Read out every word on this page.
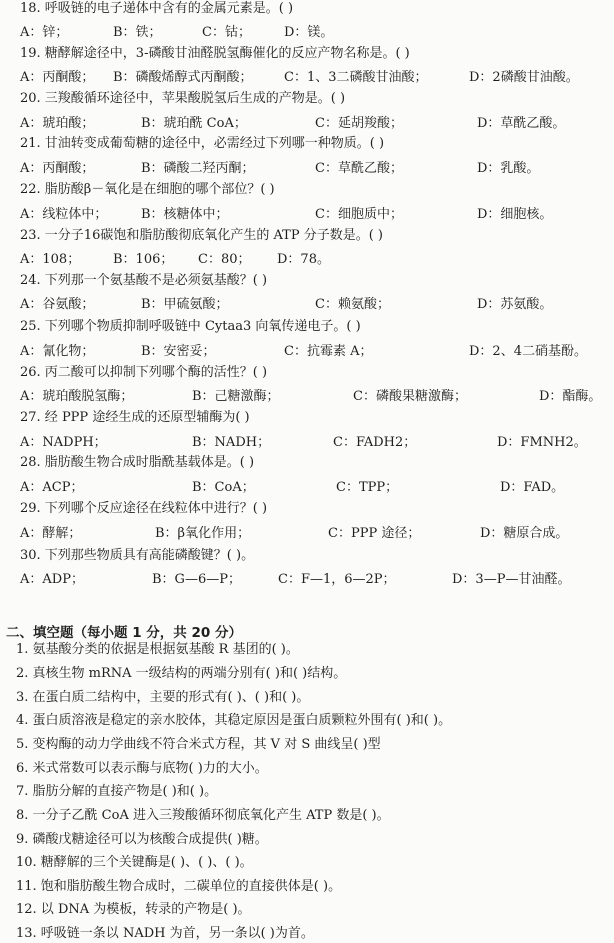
18. 呼吸链的电子递体中含有的金属元素是。( )
A：锌；	B：铁；	C：钴；	D：镁。
19. 糖酵解途径中，3-磷酸甘油醛脱氢酶催化的反应产物名称是。( )
A：丙酮酸； B：磷酸烯醇式丙酮酸； C：1、3二磷酸甘油酸；	D：2磷酸甘油酸。
20. 三羧酸循环途径中，苹果酸脱氢后生成的产物是。( )
A：琥珀酸；	B：琥珀酰 CoA；	C：延胡羧酸；	D：草酰乙酸。
21. 甘油转变成葡萄糖的途径中，必需经过下列哪一种物质。( )
A：丙酮酸；	B：磷酸二羟丙酮；	C：草酰乙酸；	D：乳酸。
22. 脂肪酸β－氧化是在细胞的哪个部位？( )
A：线粒体中；	B：核糖体中；	C：细胞质中；	D：细胞核。
23. 一分子16碳饱和脂肪酸彻底氧化产生的 ATP 分子数是。( )
A：108；	B：106； C：80； D：78。
24. 下列那一个氨基酸不是必须氨基酸？( )
A：谷氨酸；	B：甲硫氨酸；	C：赖氨酸；	D：苏氨酸。
25. 下列哪个物质抑制呼吸链中 Cytaa3 向氧传递电子。( )
A：氰化物；	B：安密妥；	C：抗霉素 A；	D：2、4二硝基酚。
26. 丙二酸可以抑制下列哪个酶的活性？( )
A：琥珀酸脱氢酶；	B：己糖激酶；	C：磷酸果糖激酶；	D：酯酶。
27. 经 PPP 途经生成的还原型辅酶为( )
A：NADPH；	B：NADH；	C：FADH2；	D：FMNH2。
28. 脂肪酸生物合成时脂酰基载体是。( )
A：ACP；	B：CoA；	C：TPP；	D：FAD。
29. 下列哪个反应途径在线粒体中进行？( )
A：酵解；	B：β氧化作用；	C：PPP 途径；	D：糖原合成。
30. 下列那些物质具有高能磷酸键？( )。
A：ADP；	B：G—6—P；	C：F—1，6—2P；	D：3—P—甘油醛。
二、填空题（每小题 1 分，共 20 分）
1. 氨基酸分类的依据是根据氨基酸 R 基团的( )。
2. 真核生物 mRNA 一级结构的两端分别有( )和( )结构。
3. 在蛋白质二结构中，主要的形式有( )、( )和( )。
4. 蛋白质溶液是稳定的亲水胶体，其稳定原因是蛋白质颗粒外围有( )和( )。
5. 变构酶的动力学曲线不符合米式方程，其 V 对 S 曲线呈( )型
6. 米式常数可以表示酶与底物( )力的大小。
7. 脂肪分解的直接产物是( )和( )。
8. 一分子乙酰 CoA 进入三羧酸循环彻底氧化产生 ATP 数是( )。
9. 磷酸戊糖途径可以为核酸合成提供( )糖。
10. 糖酵解的三个关键酶是( )、( )、( )。
11. 饱和脂肪酸生物合成时，二碳单位的直接供体是( )。
12. 以 DNA 为模板，转录的产物是( )。
13. 呼吸链一条以 NADH 为首，另一条以( )为首。
